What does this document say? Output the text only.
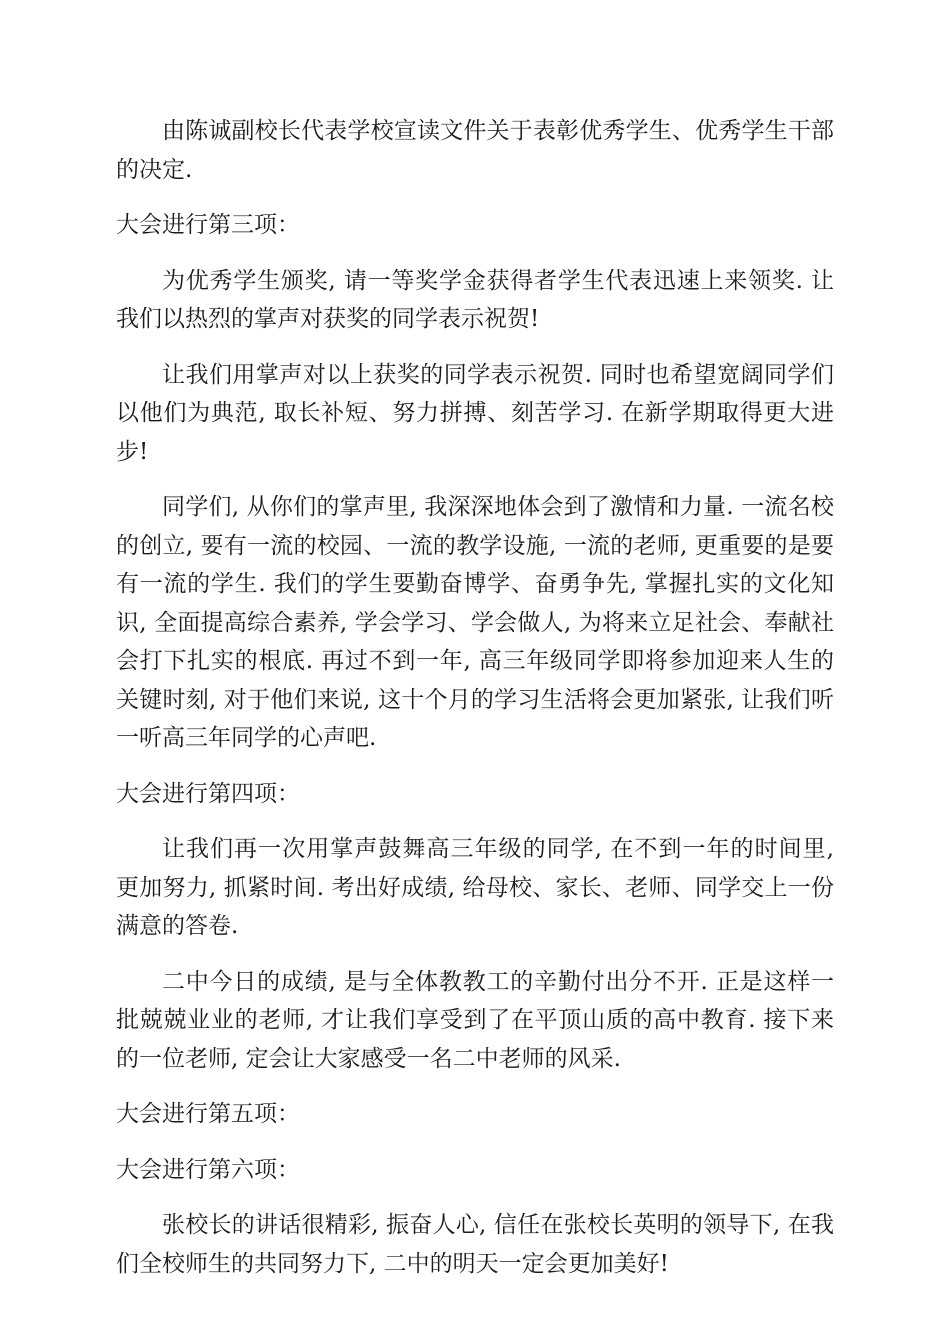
由陈诚副校长代表学校宣读文件关于表彰优秀学生、优秀学生干部的决定.

大会进行第三项：

为优秀学生颁奖, 请一等奖学金获得者学生代表迅速上来领奖. 让我们以热烈的掌声对获奖的同学表示祝贺!

让我们用掌声对以上获奖的同学表示祝贺. 同时也希望宽阔同学们以他们为典范, 取长补短、努力拼搏、刻苦学习. 在新学期取得更大进步!

同学们, 从你们的掌声里, 我深深地体会到了激情和力量. 一流名校的创立, 要有一流的校园、一流的教学设施, 一流的老师, 更重要的是要有一流的学生. 我们的学生要勤奋博学、奋勇争先, 掌握扎实的文化知识, 全面提高综合素养, 学会学习、学会做人, 为将来立足社会、奉献社会打下扎实的根底. 再过不到一年, 高三年级同学即将参加迎来人生的关键时刻, 对于他们来说, 这十个月的学习生活将会更加紧张, 让我们听一听高三年同学的心声吧.

大会进行第四项：

让我们再一次用掌声鼓舞高三年级的同学, 在不到一年的时间里, 更加努力, 抓紧时间. 考出好成绩, 给母校、家长、老师、同学交上一份满意的答卷.

二中今日的成绩, 是与全体教教工的辛勤付出分不开. 正是这样一批兢兢业业的老师, 才让我们享受到了在平顶山质的高中教育. 接下来的一位老师, 定会让大家感受一名二中老师的风采.

大会进行第五项：

大会进行第六项：

张校长的讲话很精彩, 振奋人心, 信任在张校长英明的领导下, 在我们全校师生的共同努力下, 二中的明天一定会更加美好!
